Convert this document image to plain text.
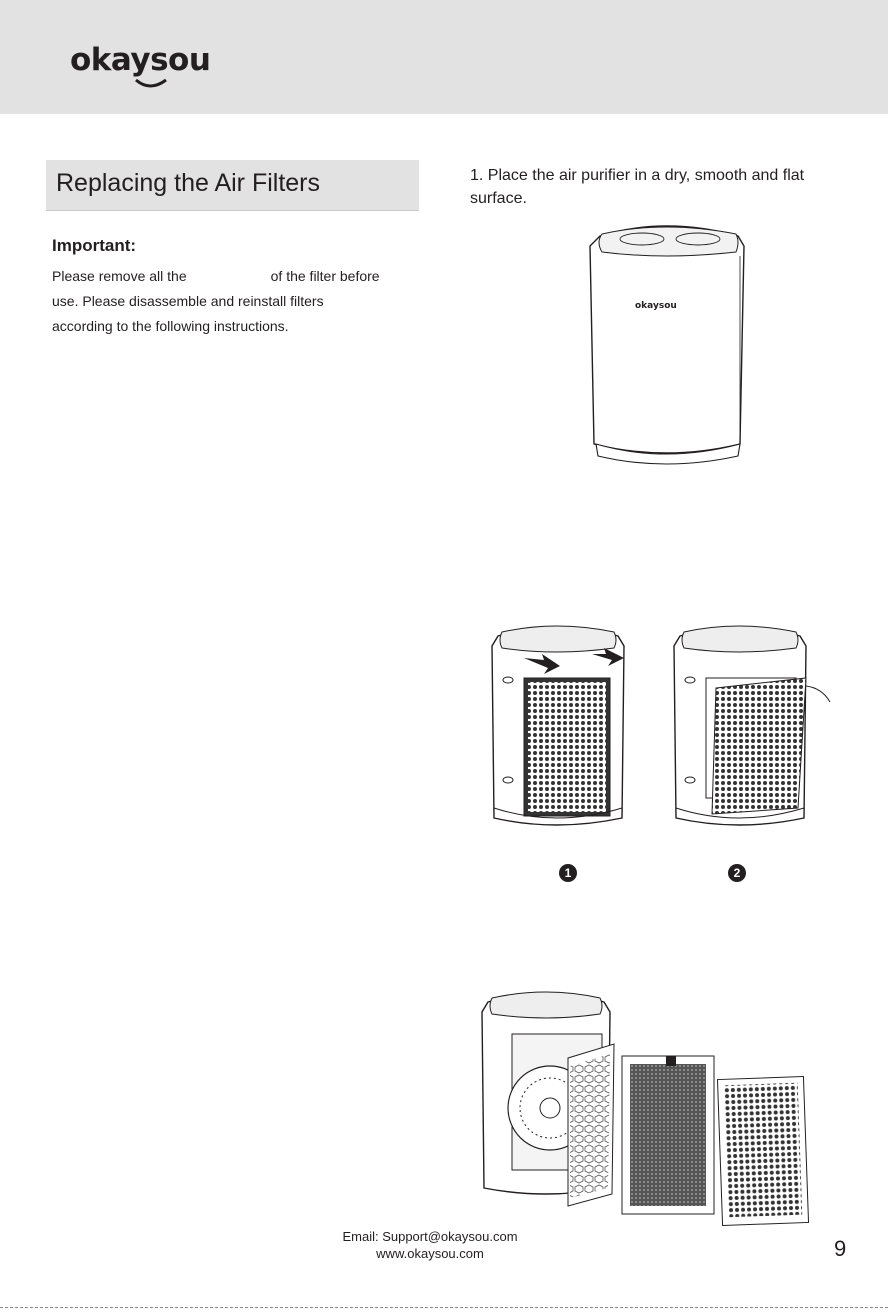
okaysou
Replacing the Air Filters
Important:
Please remove all the	of the filter before
use. Please disassemble and reinstall filters
according to the following instructions.
1. Place the air purifier in a dry, smooth and flat surface.
okaysou
1	2
Email: Support@okaysou.com
www.okaysou.com	9
